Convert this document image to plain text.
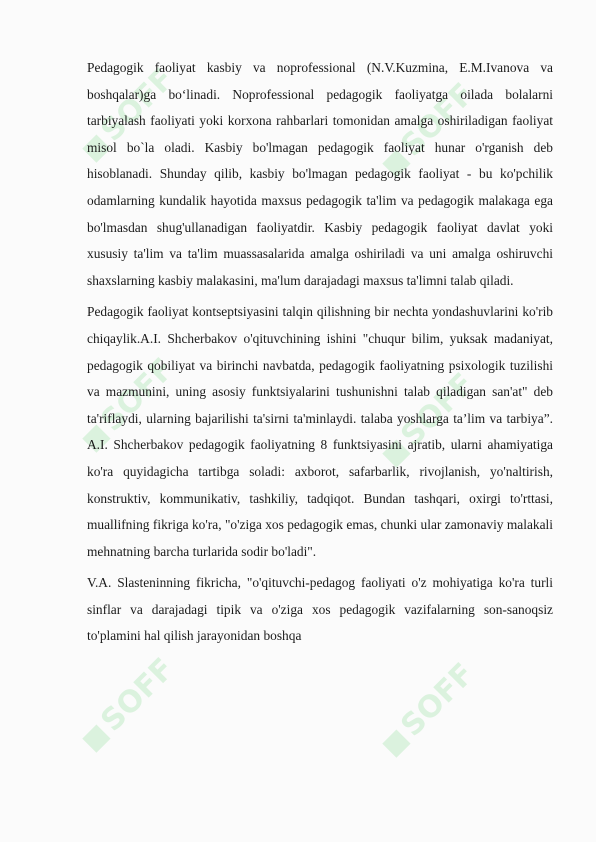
SOFF
SOFF
SOFF
SOFF
SOFF
SOFF

Pedagogik faoliyat kasbiy va noprofessional (N.V.Kuzmina, E.M.Ivanova va boshqalar)ga bo‘linadi. Noprofessional pedagogik faoliyatga oilada bolalarni tarbiyalash faoliyati yoki korxona rahbarlari tomonidan amalga oshiriladigan faoliyat misol bo`la oladi. Kasbiy bo'lmagan pedagogik faoliyat hunar o'rganish deb hisoblanadi. Shunday qilib, kasbiy bo'lmagan pedagogik faoliyat - bu ko'pchilik odamlarning kundalik hayotida maxsus pedagogik ta'lim va pedagogik malakaga ega bo'lmasdan shug'ullanadigan faoliyatdir. Kasbiy pedagogik faoliyat davlat yoki xususiy ta'lim va ta'lim muassasalarida amalga oshiriladi va uni amalga oshiruvchi shaxslarning kasbiy malakasini, ma'lum darajadagi maxsus ta'limni talab qiladi.

Pedagogik faoliyat kontseptsiyasini talqin qilishning bir nechta yondashuvlarini ko'rib chiqaylik.A.I. Shcherbakov o'qituvchining ishini "chuqur bilim, yuksak madaniyat, pedagogik qobiliyat va birinchi navbatda, pedagogik faoliyatning psixologik tuzilishi va mazmunini, uning asosiy funktsiyalarini tushunishni talab qiladigan san'at" deb ta'riflaydi, ularning bajarilishi ta'sirni ta'minlaydi. talaba yoshlarga ta’lim va tarbiya”. A.I. Shcherbakov pedagogik faoliyatning 8 funktsiyasini ajratib, ularni ahamiyatiga ko'ra quyidagicha tartibga soladi: axborot, safarbarlik, rivojlanish, yo'naltirish, konstruktiv, kommunikativ, tashkiliy, tadqiqot. Bundan tashqari, oxirgi to'rttasi, muallifning fikriga ko'ra, "o'ziga xos pedagogik emas, chunki ular zamonaviy malakali mehnatning barcha turlarida sodir bo'ladi".

V.A. Slasteninning fikricha, "o'qituvchi-pedagog faoliyati o'z mohiyatiga ko'ra turli sinflar va darajadagi tipik va o'ziga xos pedagogik vazifalarning son-sanoqsiz to'plamini hal qilish jarayonidan boshqa
